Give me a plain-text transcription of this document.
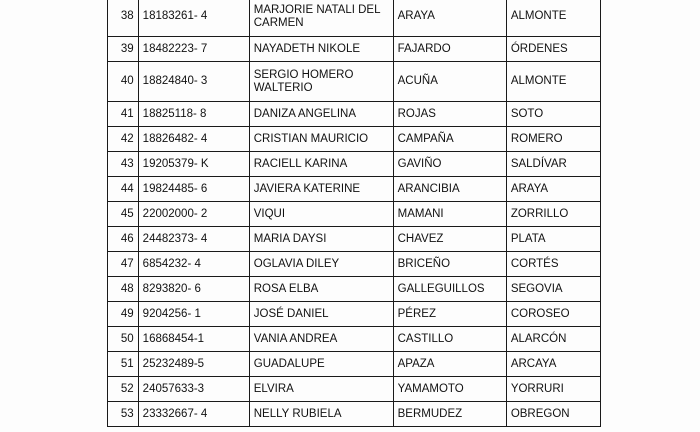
38	18183261- 4	MARJORIE NATALI DEL CARMEN	ARAYA	ALMONTE
39	18482223- 7	NAYADETH NIKOLE	FAJARDO	ÓRDENES
40	18824840- 3	SERGIO HOMERO WALTERIO	ACUÑA	ALMONTE
41	18825118- 8	DANIZA ANGELINA	ROJAS	SOTO
42	18826482- 4	CRISTIAN MAURICIO	CAMPAÑA	ROMERO
43	19205379- K	RACIELL KARINA	GAVIÑO	SALDÍVAR
44	19824485- 6	JAVIERA KATERINE	ARANCIBIA	ARAYA
45	22002000- 2	VIQUI	MAMANI	ZORRILLO
46	24482373- 4	MARIA DAYSI	CHAVEZ	PLATA
47	6854232- 4	OGLAVIA DILEY	BRICEÑO	CORTÉS
48	8293820- 6	ROSA ELBA	GALLEGUILLOS	SEGOVIA
49	9204256- 1	JOSÉ DANIEL	PÉREZ	COROSEO
50	16868454-1	VANIA ANDREA	CASTILLO	ALARCÓN
51	25232489-5	GUADALUPE	APAZA	ARCAYA
52	24057633-3	ELVIRA	YAMAMOTO	YORRURI
53	23332667- 4	NELLY RUBIELA	BERMUDEZ	OBREGON
